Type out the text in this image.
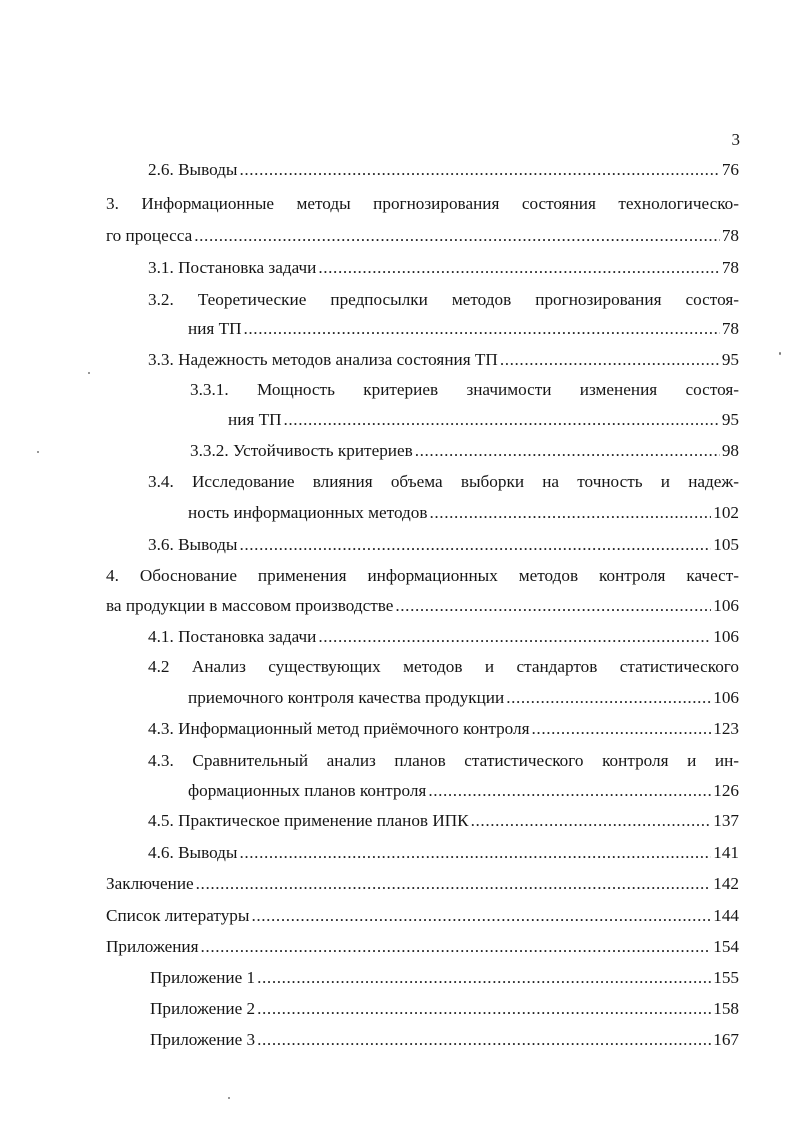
3
2.6. Выводы .....	76
3. Информационные методы прогнозирования состояния технологическо-
го процесса .....	78
3.1. Постановка задачи .....	78
3.2. Теоретические предпосылки методов прогнозирования состоя-
ния ТП .....	78
3.3. Надежность методов анализа состояния ТП .....	95
3.3.1. Мощность критериев значимости изменения состоя-
ния ТП .....	95
3.3.2. Устойчивость критериев .....	98
3.4. Исследование влияния объема выборки на точность и надеж-
ность информационных методов .....	102
3.6. Выводы .....	105
4. Обоснование применения информационных методов контроля качест-
ва продукции в массовом производстве .....	106
4.1. Постановка задачи .....	106
4.2 Анализ существующих методов и стандартов статистического
приемочного контроля качества продукции .....	106
4.3. Информационный метод приёмочного контроля .....	123
4.3. Сравнительный анализ планов статистического контроля и ин-
формационных планов контроля .....	126
4.5. Практическое применение планов ИПК .....	137
4.6. Выводы .....	141
Заключение .....	142
Список литературы .....	144
Приложения .....	154
Приложение 1 .....	155
Приложение 2 .....	158
Приложение 3 .....	167
